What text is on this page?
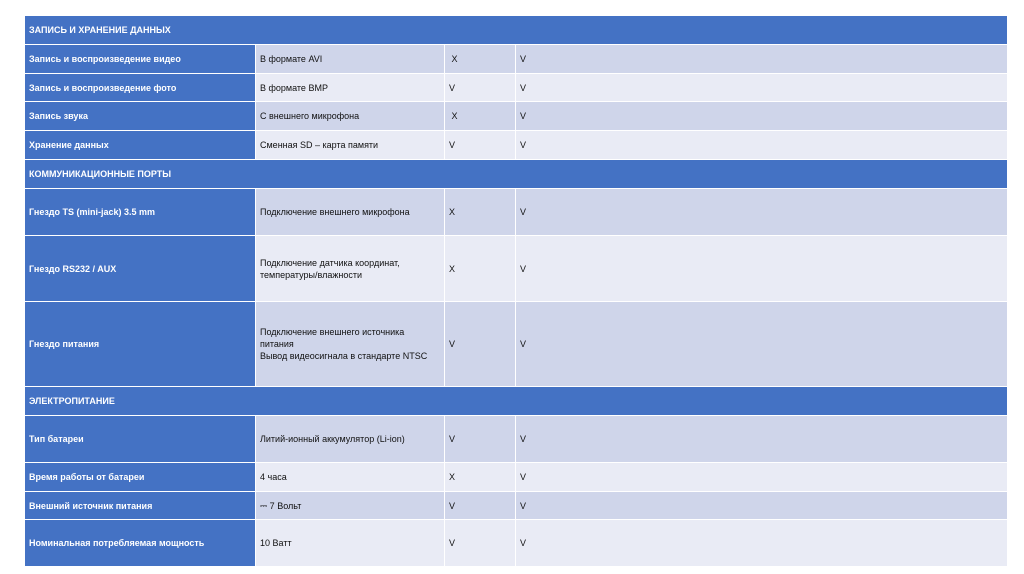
ЗАПИСЬ И ХРАНЕНИЕ ДАННЫХ			
Запись и воспроизведение видео	В формате AVI	X	V
Запись и воспроизведение фото	В формате BMP	V	V
Запись звука	С внешнего микрофона	X	V
Хранение данных	Сменная SD – карта памяти	V	V
КОММУНИКАЦИОННЫЕ ПОРТЫ			
Гнездо TS (mini-jack) 3.5 mm	Подключение внешнего микрофона	X	V
Гнездо RS232 / AUX	Подключение датчика координат,
температуры/влажности	X	V
Гнездо питания	Подключение внешнего источника
питания
Вывод видеосигнала в стандарте NTSC	V	V
ЭЛЕКТРОПИТАНИЕ			
Тип батареи	Литий-ионный аккумулятор (Li-ion)	V	V
Время работы от батареи	4 часа	X	V
Внешний источник питания	⎓ 7 Вольт	V	V
Номинальная потребляемая мощность	10 Ватт	V	V
